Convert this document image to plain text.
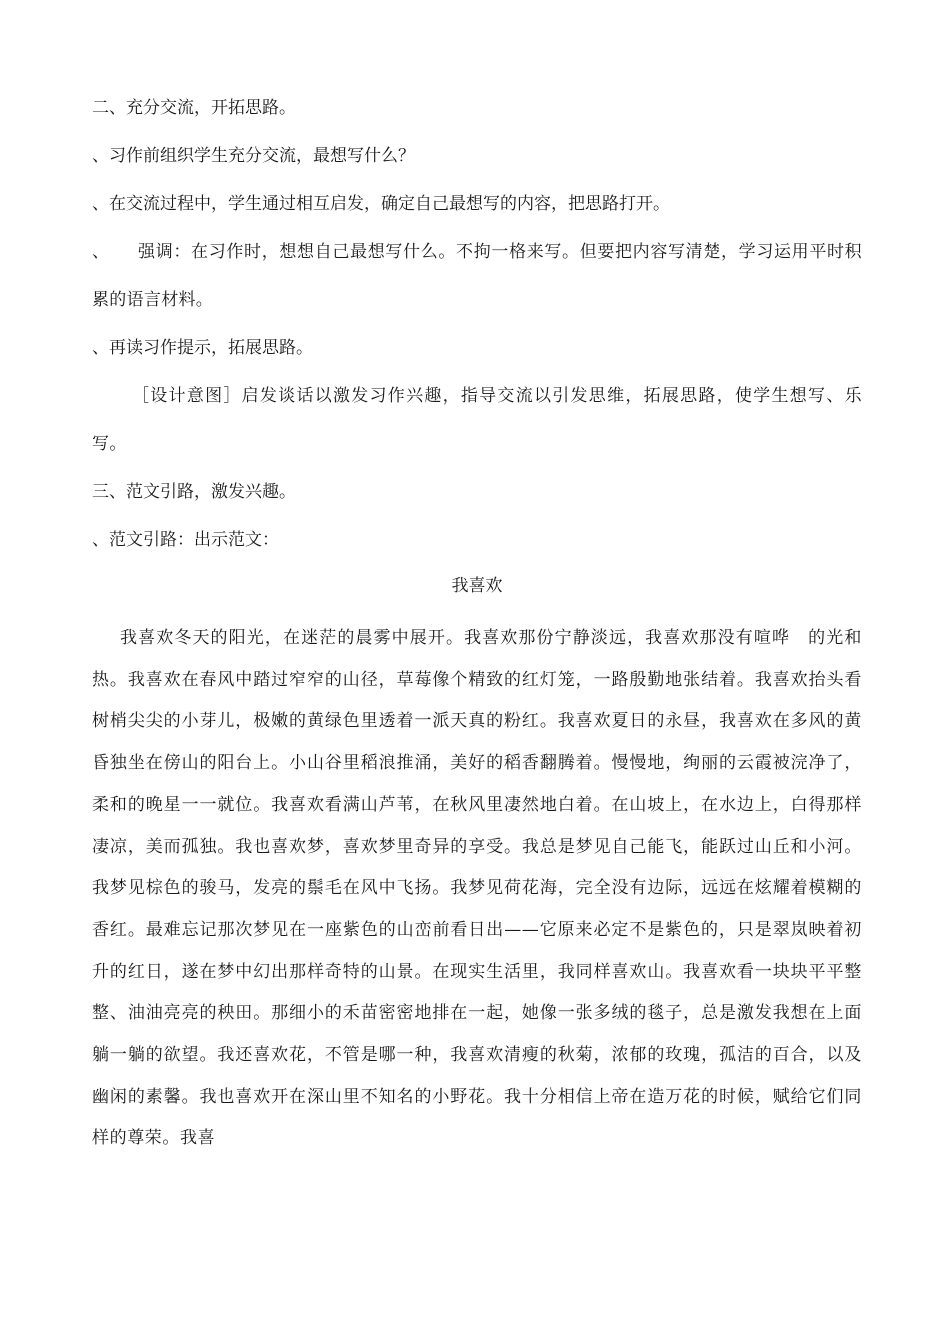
二、充分交流，开拓思路。

、习作前组织学生充分交流，最想写什么？

、在交流过程中，学生通过相互启发，确定自己最想写的内容，把思路打开。

、 强调：在习作时，想想自己最想写什么。不拘一格来写。但要把内容写清楚，学习运用平时积累的语言材料。

、再读习作提示，拓展思路。

［设计意图］启发谈话以激发习作兴趣，指导交流以引发思维，拓展思路，使学生想写、乐写。

三、范文引路，激发兴趣。

、范文引路：出示范文：

我喜欢

我喜欢冬天的阳光，在迷茫的晨雾中展开。我喜欢那份宁静淡远，我喜欢那没有喧哗　的光和热。我喜欢在春风中踏过窄窄的山径，草莓像个精致的红灯笼，一路殷勤地张结着。我喜欢抬头看树梢尖尖的小芽儿，极嫩的黄绿色里透着一派天真的粉红。我喜欢夏日的永昼，我喜欢在多风的黄昏独坐在傍山的阳台上。小山谷里稻浪推涌，美好的稻香翻腾着。慢慢地，绚丽的云霞被浣净了，柔和的晚星一一就位。我喜欢看满山芦苇，在秋风里凄然地白着。在山坡上，在水边上，白得那样凄凉，美而孤独。我也喜欢梦，喜欢梦里奇异的享受。我总是梦见自己能飞，能跃过山丘和小河。我梦见棕色的骏马，发亮的鬃毛在风中飞扬。我梦见荷花海，完全没有边际，远远在炫耀着模糊的香红。最难忘记那次梦见在一座紫色的山峦前看日出——它原来必定不是紫色的，只是翠岚映着初升的红日，遂在梦中幻出那样奇特的山景。在现实生活里，我同样喜欢山。我喜欢看一块块平平整整、油油亮亮的秧田。那细小的禾苗密密地排在一起，她像一张多绒的毯子，总是激发我想在上面躺一躺的欲望。我还喜欢花，不管是哪一种，我喜欢清瘦的秋菊，浓郁的玫瑰，孤洁的百合，以及幽闲的素馨。我也喜欢开在深山里不知名的小野花。我十分相信上帝在造万花的时候，赋给它们同样的尊荣。我喜
